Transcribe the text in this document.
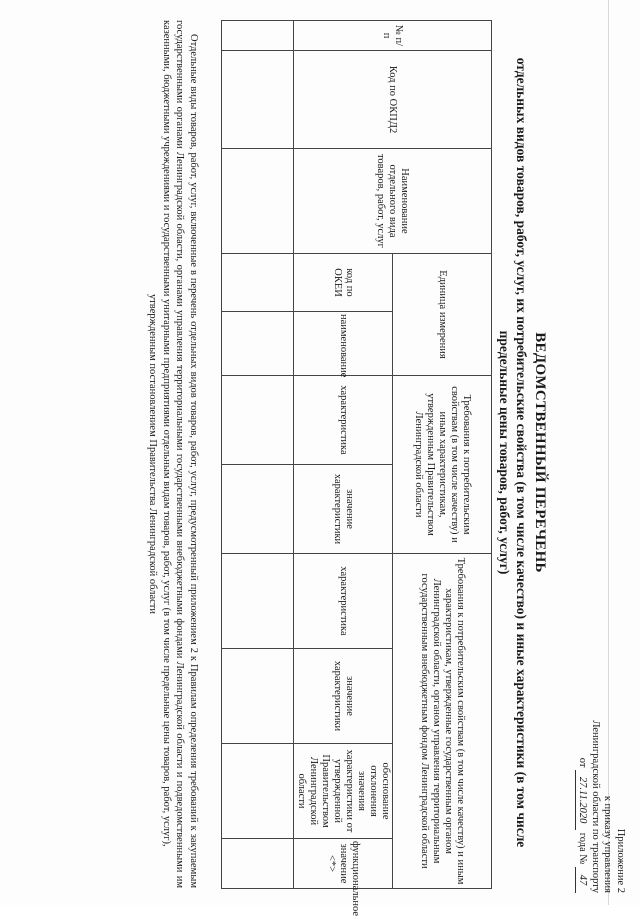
Приложение 2
к приказу управления
Ленинградской области по транспорту
от 27.11.2020 года № 47
ВЕДОМСТВЕННЫЙ ПЕРЕЧЕНЬ
отдельных видов товаров, работ, услуг, их потребительские свойства (в том числе качество) и иные характеристики (в том числе предельные цены товаров, работ, услуг)
№ п/п	Код по ОКПД2	Наименование отдельного вида товаров, работ, услуг	Единица измерения		Требования к потребительским свойствам (в том числе качеству) и иным характеристикам, утвержденным Правительством Ленинградской области		Требования к потребительским свойствам (в том числе качеству) и иным характеристикам, утвержденные государственным органом Ленинградской области, органом управления территориальным государственным внебюджетным фондом Ленинградской области			
							характеристика	значение характеристики	обоснование отклонения значения характеристики от утвержденной Правительством Ленинградской области	функциональное значение <*>
			код по ОКЕИ	наименование	характеристика	значение характеристики				

Отдельные виды товаров, работ, услуг, включенные в перечень отдельных видов товаров, работ, услуг, предусмотренный приложением 2 к Правилам определения требований к закупаемым государственными органами Ленинградской области, органами управления территориальными государственными внебюджетными фондами Ленинградской области и подведомственными им казенными, бюджетными учреждениями и государственными унитарными предприятиями отдельным видам товаров, работ, услуг (в том числе предельные цены товаров, работ, услуг),
утвержденным постановлением Правительства Ленинградской области
